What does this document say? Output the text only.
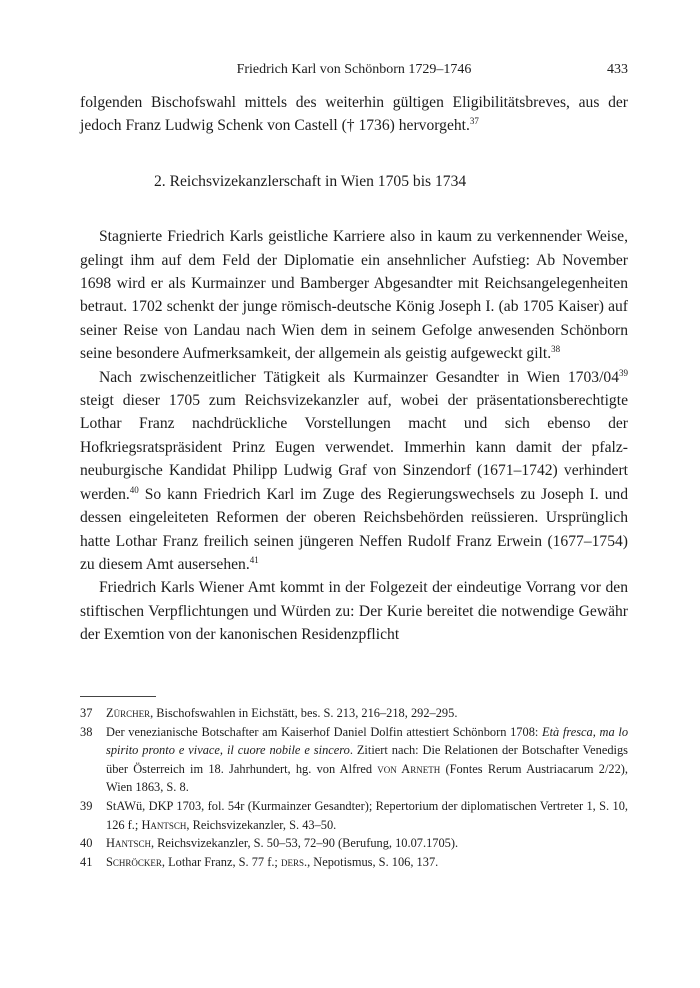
Friedrich Karl von Schönborn 1729–1746	433

folgenden Bischofswahl mittels des weiterhin gültigen Eligibilitätsbreves, aus der jedoch Franz Ludwig Schenk von Castell († 1736) hervorgeht.$^{37}$

2. Reichsvizekanzlerschaft in Wien 1705 bis 1734

Stagnierte Friedrich Karls geistliche Karriere also in kaum zu verkennender Weise, gelingt ihm auf dem Feld der Diplomatie ein ansehnlicher Aufstieg: Ab November 1698 wird er als Kurmainzer und Bamberger Abgesandter mit Reichsangelegenheiten betraut. 1702 schenkt der junge römisch-deutsche König Joseph I. (ab 1705 Kaiser) auf seiner Reise von Landau nach Wien dem in seinem Gefolge anwesenden Schönborn seine besondere Aufmerksamkeit, der allgemein als geistig aufgeweckt gilt.$^{38}$

Nach zwischenzeitlicher Tätigkeit als Kurmainzer Gesandter in Wien $1703/04^{39}$ steigt dieser 1705 zum Reichsvizekanzler auf, wobei der präsentationsberechtigte Lothar Franz nachdrückliche Vorstellungen macht und sich ebenso der Hofkriegsratspräsident Prinz Eugen verwendet. Immerhin kann damit der pfalz-neuburgische Kandidat Philipp Ludwig Graf von Sinzendorf (1671–1742) verhindert werden.$^{40}$ So kann Friedrich Karl im Zuge des Regierungswechsels zu Joseph I. und dessen eingeleiteten Reformen der oberen Reichsbehörden reüssieren. Ursprünglich hatte Lothar Franz freilich seinen jüngeren Neffen Rudolf Franz Erwein (1677–1754) zu diesem Amt ausersehen.$^{41}$

Friedrich Karls Wiener Amt kommt in der Folgezeit der eindeutige Vorrang vor den stiftischen Verpflichtungen und Würden zu: Der Kurie bereitet die notwendige Gewähr der Exemtion von der kanonischen Residenzpflicht

37 Zürcher, Bischofswahlen in Eichstätt, bes. S. 213, 216–218, 292–295.
38 Der venezianische Botschafter am Kaiserhof Daniel Dolfin attestiert Schönborn 1708: Età fresca, ma lo spirito pronto e vivace, il cuore nobile e sincero. Zitiert nach: Die Relationen der Botschafter Venedigs über Österreich im 18. Jahrhundert, hg. von Alfred von Arneth (Fontes Rerum Austriacarum 2/22), Wien 1863, S. 8.
39 StAWü, DKP 1703, fol. 54r (Kurmainzer Gesandter); Repertorium der diplomatischen Vertreter 1, S. 10, 126 f.; Hantsch, Reichsvizekanzler, S. 43–50.
40 Hantsch, Reichsvizekanzler, S. 50–53, 72–90 (Berufung, 10.07.1705).
41 Schröcker, Lothar Franz, S. 77 f.; ders., Nepotismus, S. 106, 137.
